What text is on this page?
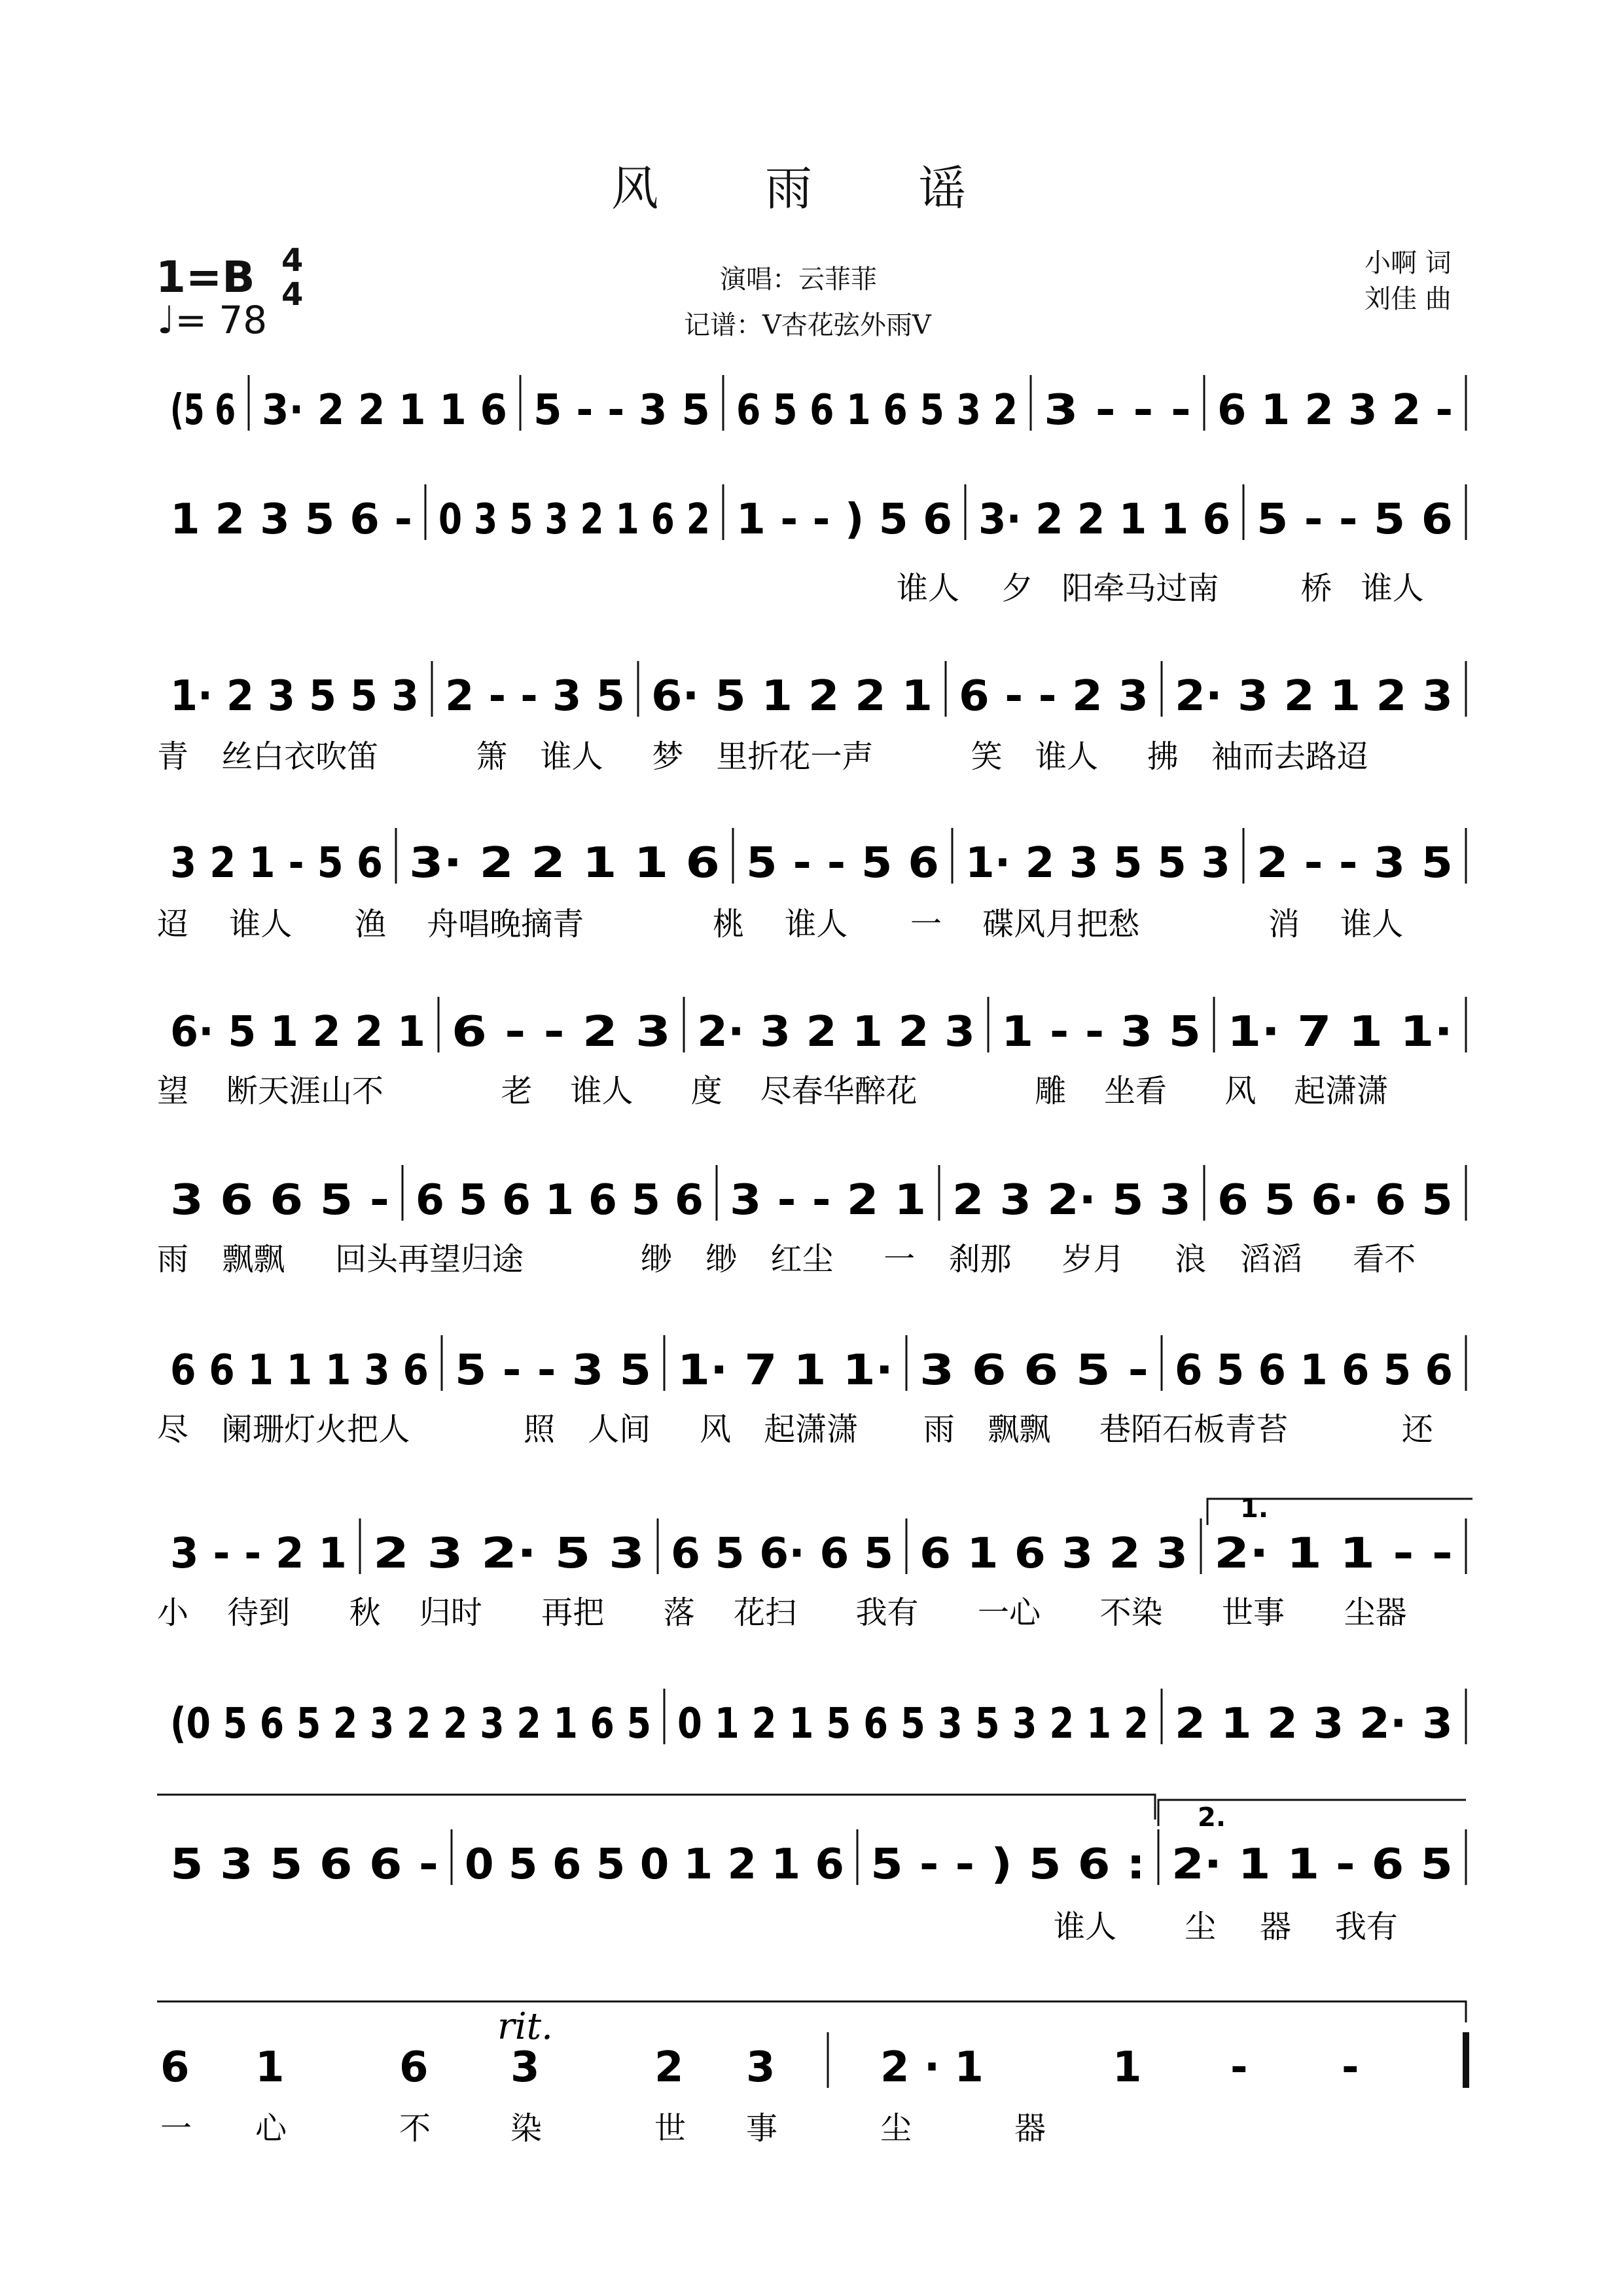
风 雨 谣
1=B 4
4
♩= 78
演唱：云菲菲
记谱：V杏花弦外雨V
小啊 词
刘佳 曲
(5 6 3· 2 2 1 1 6 5 - - 3 5 6 5 6 1 6 5 3 2 3 - - - 6 1 2 3 2 -
1 2 3 5 6 - 0 3 5 3 2 1 6 2 1 - - ) 5 6 3· 2 2 1 1 6 5 - - 5 6
谁人 夕 阳牵马过南	桥 谁人
1· 2 3 5 5 3 2 - - 3 5 6· 5 1 2 2 1 6 - - 2 3 2· 3 2 1 2 3
青 丝白衣吹笛	箫 谁人 梦 里折花一声	笑 谁人 拂 袖而去路迢
3 2 1 - 5 6 3· 2 2 1 1 6 5 - - 5 6 1· 2 3 5 5 3 2 - - 3 5
迢 谁人 渔 舟唱晚摘青	桃 谁人 一 碟风月把愁	消 谁人
6· 5 1 2 2 1 6 - - 2 3 2· 3 2 1 2 3 1 - - 3 5 1· 7 1 1·
望 断天涯山不	老 谁人 度 尽春华醉花	雕 坐看 风 起潇潇
3 6 6 5 - 6 5 6 1 6 5 6 3 - - 2 1 2 3 2· 5 3 6 5 6· 6 5
雨 飘飘 回头再望归途	缈 缈 红尘 一 刹那 岁月 浪 滔滔 看不
6 6 1 1 1 3 6 5 - - 3 5 1· 7 1 1· 3 6 6 5 - 6 5 6 1 6 5 6
尽 阑珊灯火把人	照 人间 风 起潇潇 雨 飘飘 巷陌石板青苔	还
3 - - 2 1 2 3 2· 5 3 6 5 6· 6 5 6 1 6 3 2 3 2· 1 1 - -
小 待到 秋 归时 再把 落 花扫 我有 一心 不染 世事 尘器
(0 5 6 5 2 3 2 2 3 2 1 6 5 0 1 2 1 5 6 5 3 5 3 2 1 2 2 1 2 3 2· 3
5 3 5 6 6 - 0 5 6 5 0 1 2 1 6 5 - - ) 5 6 : 2· 1 1 - 6 5
谁人 尘 器 我有
6 1	6 3	2 3	2 · 1	1 - -
一 心	不	染	世 事	尘	器
1.
2.
rit.
